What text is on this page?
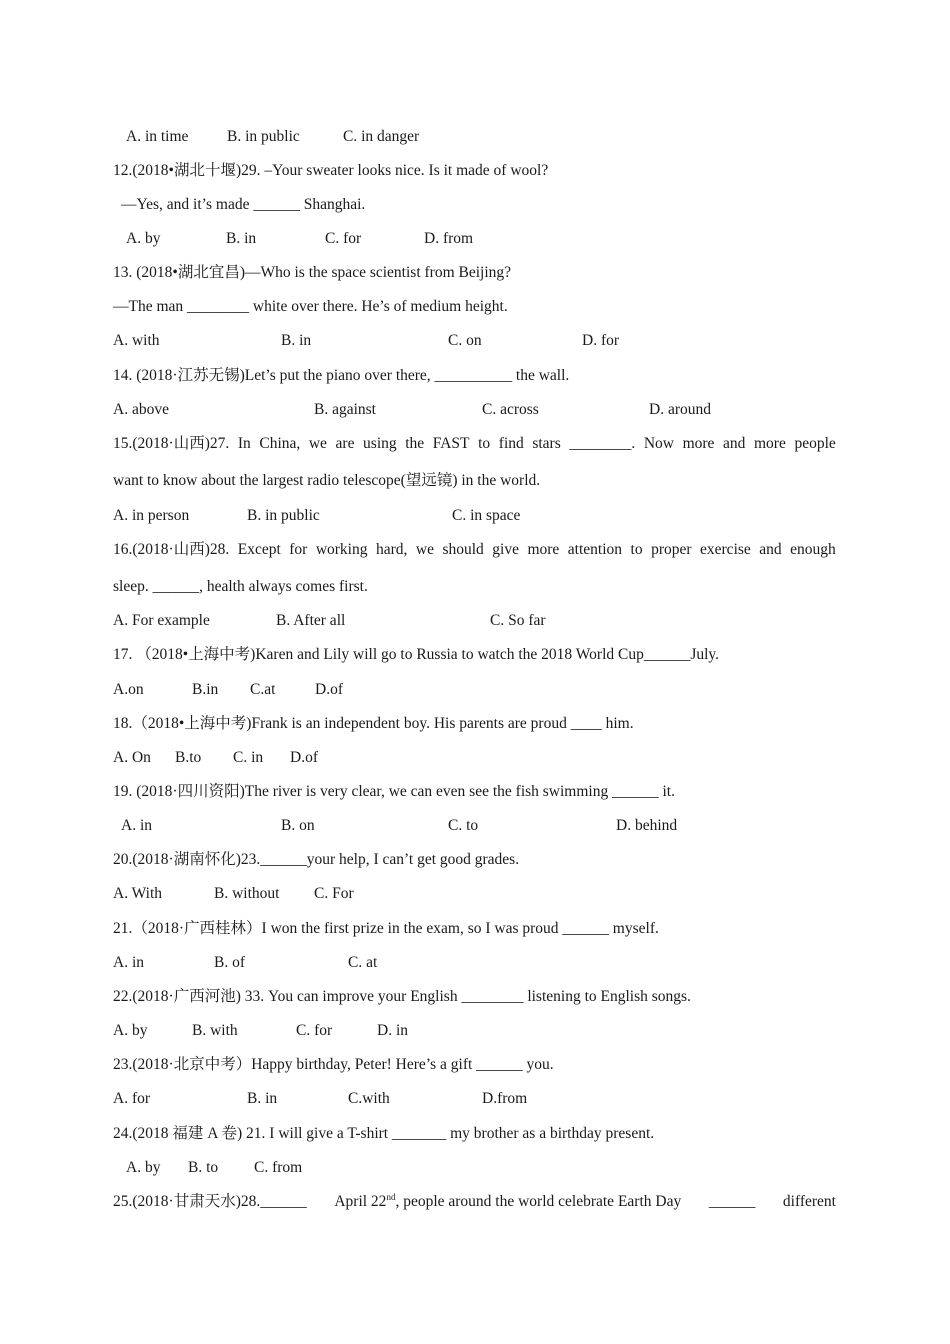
A. in time B. in public	C. in danger
12.(2018•湖北十堰)29. –Your sweater looks nice. Is it made of wool?
—Yes, and it’s made ______ Shanghai.
A. by	B. in	C. for	D. from
13. (2018•湖北宜昌)—Who is the space scientist from Beijing?
—The man ________ white over there. He’s of medium height.
A. with	B. in	C. on	D. for
14. (2018·江苏无锡)Let’s put the piano over there, __________ the wall.
A. above	B. against	C. across	D. around
15.(2018·山西)27. In China, we are using the FAST to find stars ________. Now more and more people
want to know about the largest radio telescope(望远镜) in the world.
A. in person	B. in public	C. in space
16.(2018·山西)28. Except for working hard, we should give more attention to proper exercise and enough
sleep. ______, health always comes first.
A. For example	B. After all	C. So far
17. （2018•上海中考)Karen and Lily will go to Russia to watch the 2018 World Cup______July.
A.on	B.in C.at	D.of
18.（2018•上海中考)Frank is an independent boy. His parents are proud ____ him.
A. On B.to C. in D.of
19. (2018·四川资阳)The river is very clear, we can even see the fish swimming ______ it.
A. in	B. on	C. to	D. behind
20.(2018·湖南怀化)23.______your help, I can’t get good grades.
A. With	B. without C. For
21.（2018·广西桂林）I won the first prize in the exam, so I was proud ______ myself.
A. in	B. of	C. at
22.(2018·广西河池) 33. You can improve your English ________ listening to English songs.
A. by	B. with	C. for	D. in
23.(2018·北京中考）Happy birthday, Peter! Here’s a gift ______ you.
A. for	B. in	C.with	D.from
24.(2018 福建 A 卷) 21. I will give a T-shirt _______ my brother as a birthday present.
A. by B. to C. from
25.(2018·甘肃天水)28.______ April 22nd, people around the world celebrate Earth Day ______ different
